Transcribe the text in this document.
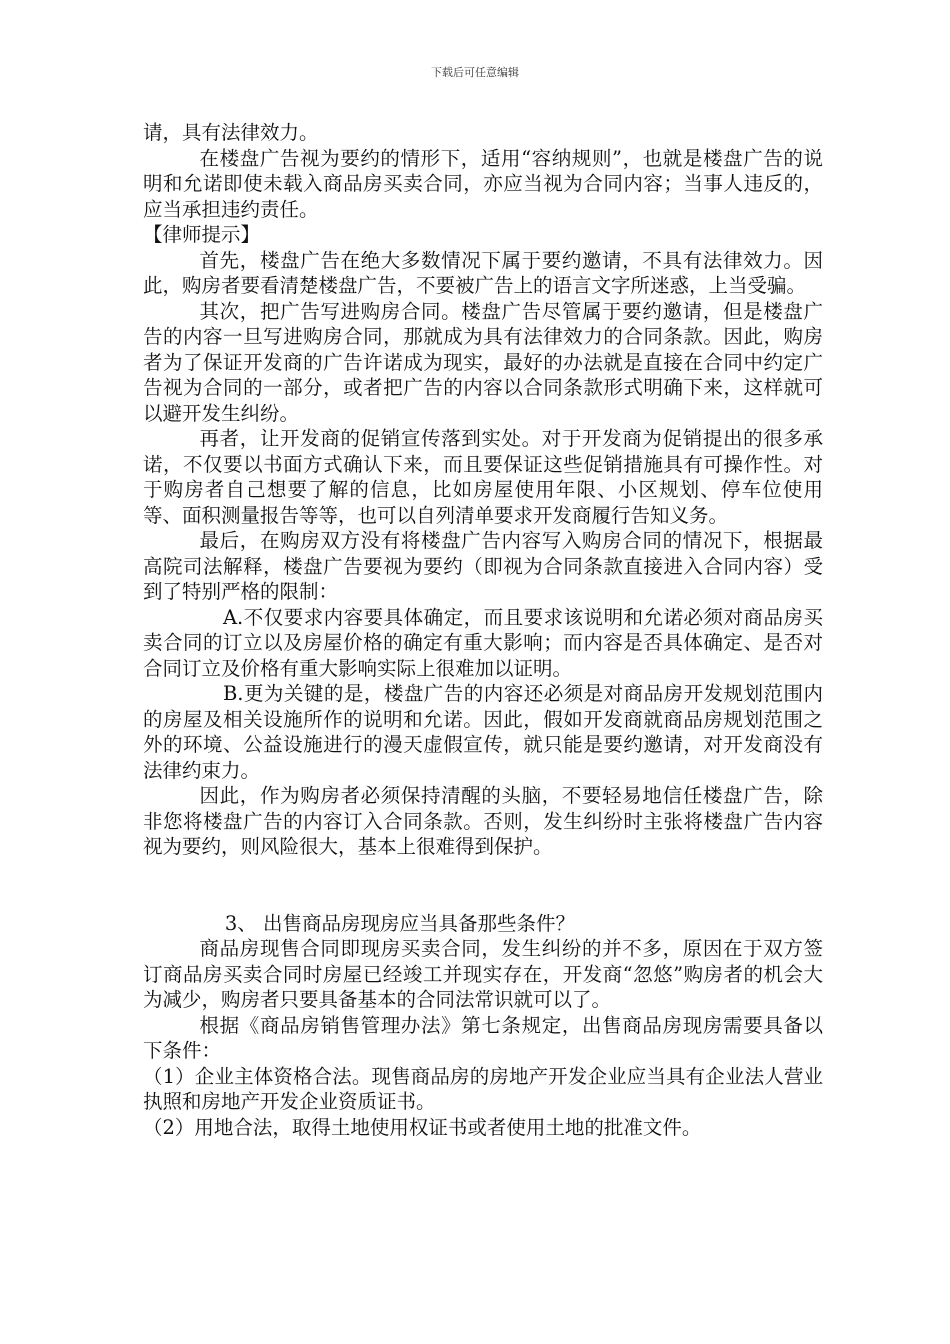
下载后可任意编辑

请，具有法律效力。

在楼盘广告视为要约的情形下，适用“容纳规则”，也就是楼盘广告的说明和允诺即使未载入商品房买卖合同，亦应当视为合同内容；当事人违反的，应当承担违约责任。

【律师提示】

首先，楼盘广告在绝大多数情况下属于要约邀请，不具有法律效力。因此，购房者要看清楚楼盘广告，不要被广告上的语言文字所迷惑，上当受骗。

其次，把广告写进购房合同。楼盘广告尽管属于要约邀请，但是楼盘广告的内容一旦写进购房合同，那就成为具有法律效力的合同条款。因此，购房者为了保证开发商的广告许诺成为现实，最好的办法就是直接在合同中约定广告视为合同的一部分，或者把广告的内容以合同条款形式明确下来，这样就可以避开发生纠纷。

再者，让开发商的促销宣传落到实处。对于开发商为促销提出的很多承诺，不仅要以书面方式确认下来，而且要保证这些促销措施具有可操作性。对于购房者自己想要了解的信息，比如房屋使用年限、小区规划、停车位使用等、面积测量报告等等，也可以自列清单要求开发商履行告知义务。

最后，在购房双方没有将楼盘广告内容写入购房合同的情况下，根据最高院司法解释，楼盘广告要视为要约（即视为合同条款直接进入合同内容）受到了特别严格的限制：

A.不仅要求内容要具体确定，而且要求该说明和允诺必须对商品房买卖合同的订立以及房屋价格的确定有重大影响；而内容是否具体确定、是否对合同订立及价格有重大影响实际上很难加以证明。

B.更为关键的是，楼盘广告的内容还必须是对商品房开发规划范围内的房屋及相关设施所作的说明和允诺。因此，假如开发商就商品房规划范围之外的环境、公益设施进行的漫天虚假宣传，就只能是要约邀请，对开发商没有法律约束力。

因此，作为购房者必须保持清醒的头脑，不要轻易地信任楼盘广告，除非您将楼盘广告的内容订入合同条款。否则，发生纠纷时主张将楼盘广告内容视为要约，则风险很大，基本上很难得到保护。

3、 出售商品房现房应当具备那些条件？

商品房现售合同即现房买卖合同，发生纠纷的并不多，原因在于双方签订商品房买卖合同时房屋已经竣工并现实存在，开发商“忽悠”购房者的机会大为减少，购房者只要具备基本的合同法常识就可以了。

根据《商品房销售管理办法》第七条规定，出售商品房现房需要具备以下条件：

（1）企业主体资格合法。现售商品房的房地产开发企业应当具有企业法人营业执照和房地产开发企业资质证书。

（2）用地合法，取得土地使用权证书或者使用土地的批准文件。
